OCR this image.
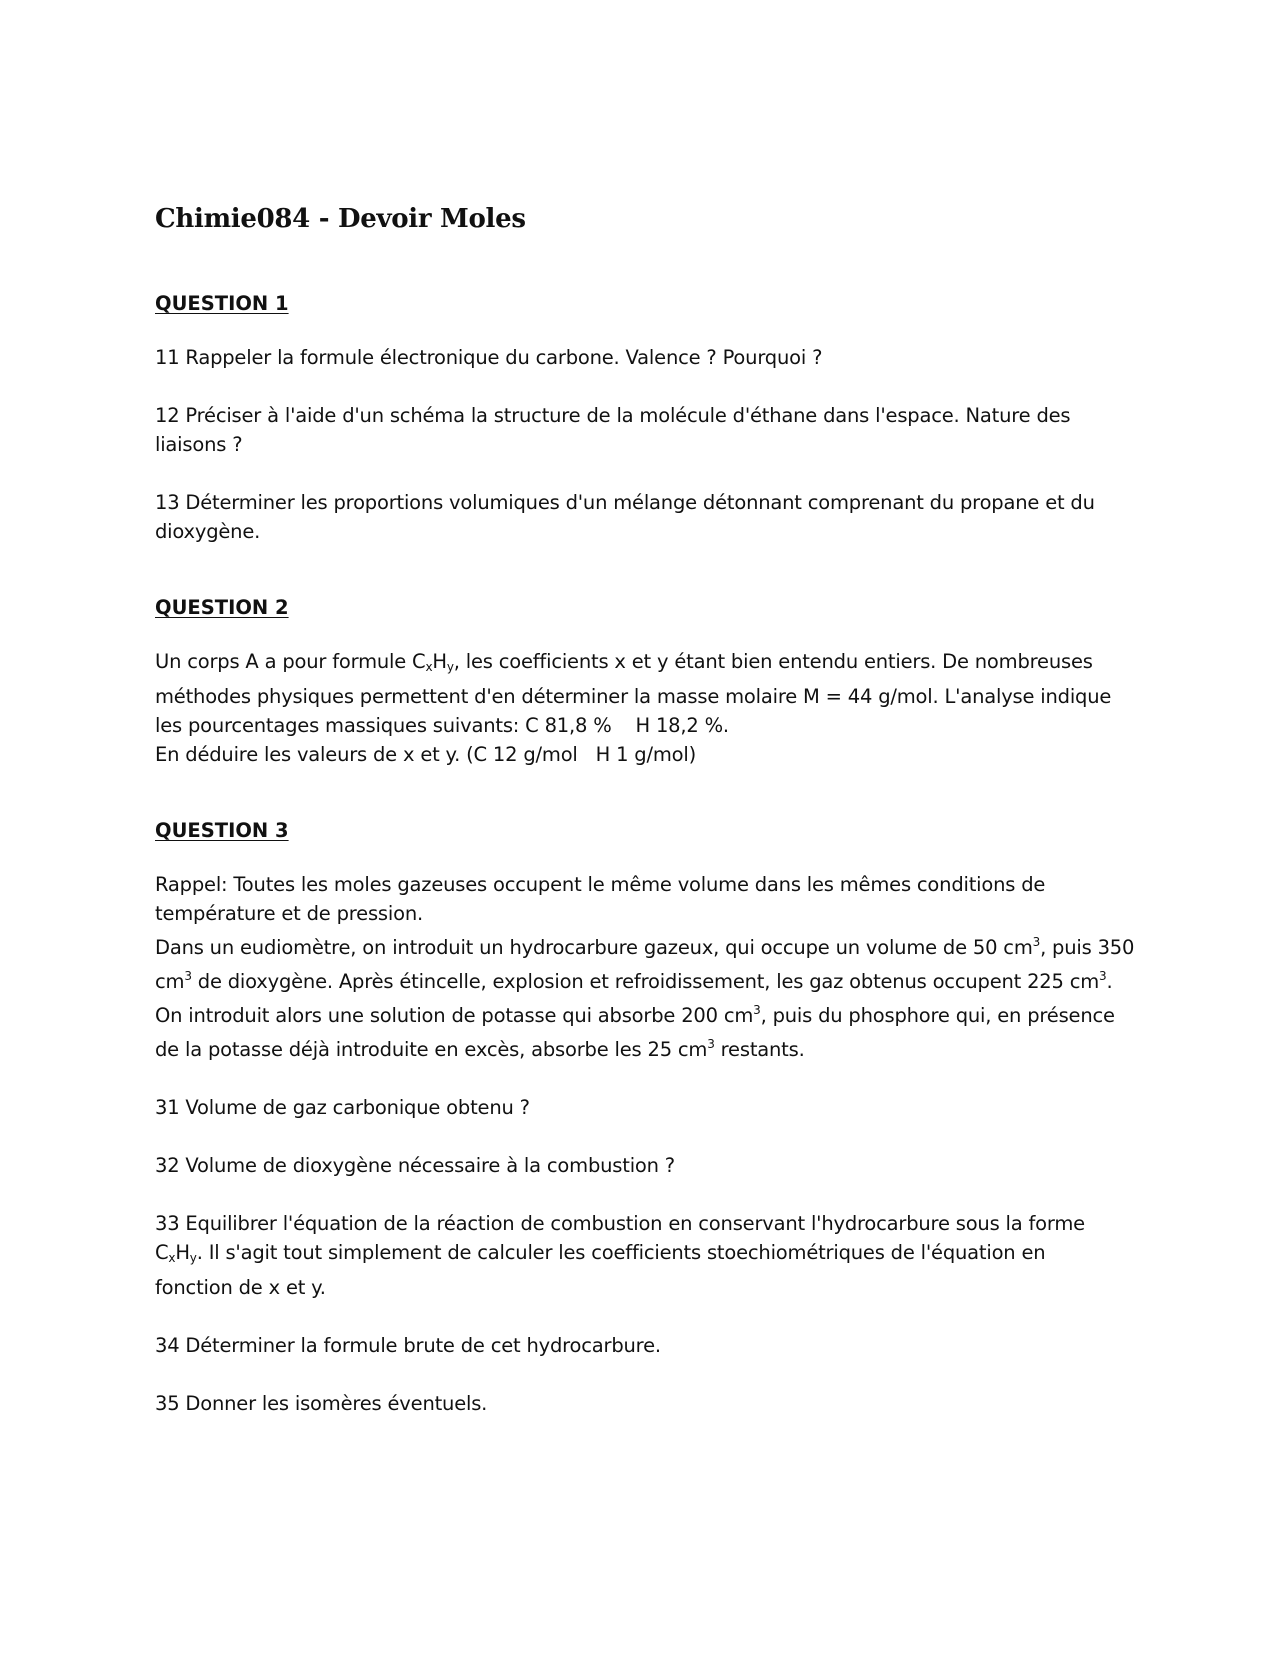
Chimie084 - Devoir Moles
QUESTION 1

11 Rappeler la formule électronique du carbone. Valence ? Pourquoi ?

12 Préciser à l'aide d'un schéma la structure de la molécule d'éthane dans l'espace. Nature des
liaisons ?

13 Déterminer les proportions volumiques d'un mélange détonnant comprenant du propane et du
dioxygène.

QUESTION 2

Un corps A a pour formule $C_xH_y$, les coefficients x et y étant bien entendu entiers. De nombreuses
méthodes physiques permettent d'en déterminer la masse molaire M = 44 g/mol. L'analyse indique
les pourcentages massiques suivants: C 81,8 %    H 18,2 %.
En déduire les valeurs de x et y. (C 12 g/mol   H 1 g/mol)

QUESTION 3

Rappel: Toutes les moles gazeuses occupent le même volume dans les mêmes conditions de
température et de pression.
Dans un eudiomètre, on introduit un hydrocarbure gazeux, qui occupe un volume de 50 $cm^3$, puis 350
$cm^3$ de dioxygène. Après étincelle, explosion et refroidissement, les gaz obtenus occupent 225 $cm^3$.
On introduit alors une solution de potasse qui absorbe 200 $cm^3$, puis du phosphore qui, en présence
de la potasse déjà introduite en excès, absorbe les 25 $cm^3$ restants.

31 Volume de gaz carbonique obtenu ?

32 Volume de dioxygène nécessaire à la combustion ?

33 Equilibrer l'équation de la réaction de combustion en conservant l'hydrocarbure sous la forme
$C_xH_y$. Il s'agit tout simplement de calculer les coefficients stoechiométriques de l'équation en
fonction de x et y.

34 Déterminer la formule brute de cet hydrocarbure.

35 Donner les isomères éventuels.
